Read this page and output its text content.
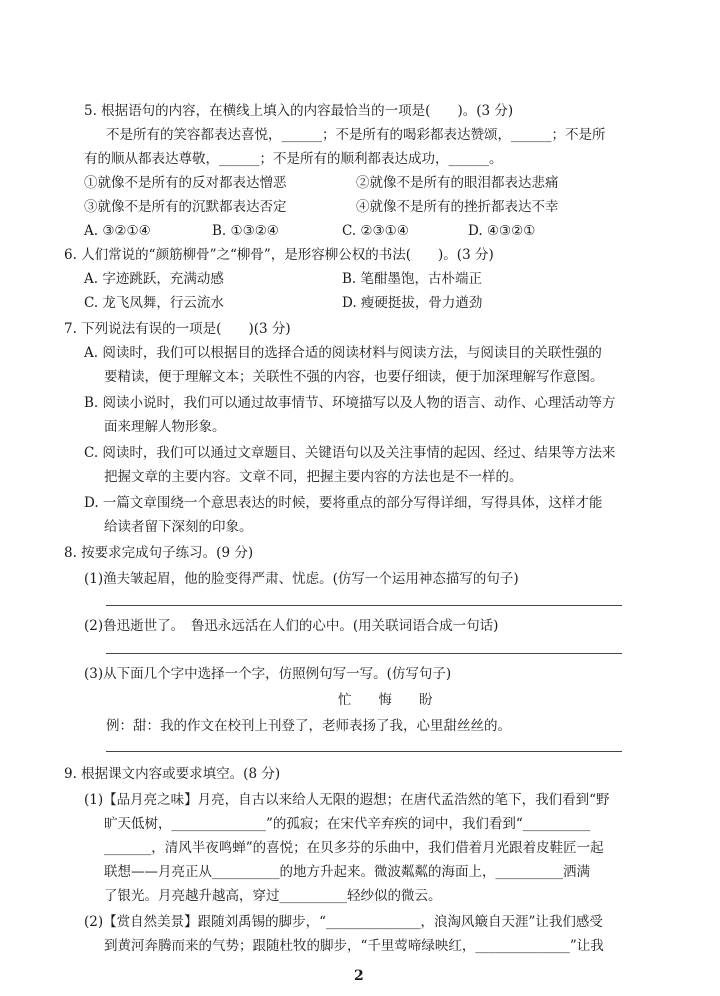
5. 根据语句的内容，在横线上填入的内容最恰当的一项是(　　)。(3 分)
不是所有的笑容都表达喜悦，______；不是所有的喝彩都表达赞颂，______；不是所
有的顺从都表达尊敬，______；不是所有的顺利都表达成功，______。
①就像不是所有的反对都表达憎恶	②就像不是所有的眼泪都表达悲痛
③就像不是所有的沉默都表达否定	④就像不是所有的挫折都表达不幸
A. ③②①④	B. ①③②④	C. ②③①④	D. ④③②①
6. 人们常说的“颜筋柳骨”之“柳骨”，是形容柳公权的书法(　　)。(3 分)
A. 字迹跳跃，充满动感	B. 笔酣墨饱，古朴端正
C. 龙飞凤舞，行云流水	D. 瘦硬挺拔，骨力遒劲
7. 下列说法有误的一项是(　　)(3 分)
A. 阅读时，我们可以根据目的选择合适的阅读材料与阅读方法，与阅读目的关联性强的
要精读，便于理解文本；关联性不强的内容，也要仔细读，便于加深理解写作意图。
B. 阅读小说时，我们可以通过故事情节、环境描写以及人物的语言、动作、心理活动等方
面来理解人物形象。
C. 阅读时，我们可以通过文章题目、关键语句以及关注事情的起因、经过、结果等方法来
把握文章的主要内容。文章不同，把握主要内容的方法也是不一样的。
D. 一篇文章围绕一个意思表达的时候，要将重点的部分写得详细，写得具体，这样才能
给读者留下深刻的印象。
8. 按要求完成句子练习。(9 分)
(1)渔夫皱起眉，他的脸变得严肃、忧虑。(仿写一个运用神态描写的句子)
(2)鲁迅逝世了。　鲁迅永远活在人们的心中。(用关联词语合成一句话)
(3)从下面几个字中选择一个字，仿照例句写一写。(仿写句子)
忙　　悔　　盼
例：甜：我的作文在校刊上刊登了，老师表扬了我，心里甜丝丝的。
9. 根据课文内容或要求填空。(8 分)
(1)【品月亮之味】月亮，自古以来给人无限的遐想；在唐代孟浩然的笔下，我们看到“野
旷天低树，______________”的孤寂；在宋代辛弃疾的词中，我们看到“__________
_______，清风半夜鸣蝉”的喜悦；在贝多芬的乐曲中，我们借着月光跟着皮鞋匠一起
联想——月亮正从__________的地方升起来。微波粼粼的海面上，__________洒满
了银光。月亮越升越高，穿过__________轻纱似的微云。
(2)【赏自然美景】跟随刘禹锡的脚步，“______________，浪淘风簸自天涯”让我们感受
到黄河奔腾而来的气势；跟随杜牧的脚步，“千里莺啼绿映红，______________”让我
2
